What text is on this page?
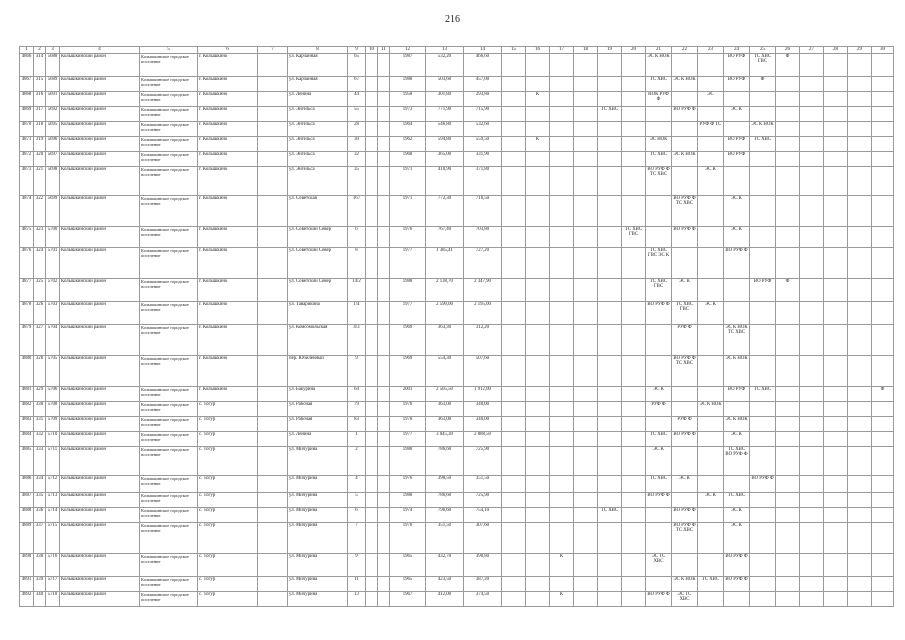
216
1	2	3	4	5	6	7	8	9	10	11	12	13	14	15	16	17	18	19	20	21	22	23	24	25	26	27	28	29	30
4866	314	5688	Колышкинский район	Колышкинское городское поселение	г. Колышкино		ул. Карчанная	65			1987	532,20	466,60							ЭС К НОК			ВО РУФ	ТС ХВС ГВС	Ф				
4867	315	5689	Колышкинский район	Колышкинское городское поселение	г. Колышкино		ул. Карчанная	67			1988	503,60	457,00							ТС ХВС	ЭС К НОК		ВО РУФ	Ф					
4868	316	5691	Колышкинский район	Колышкинское городское поселение	г. Колышкино		ул. Ленина	44			1958	301,80	293,80		К					НОК РУФ Ф		ЭС							
4869	317	5692	Колышкинский район	Колышкинское городское поселение	г. Колышкино		ул. Энгельса	55			1973	771,90	715,90					ТС ХВС			ВО РУФ Ф		ЭС К						
4870	318	5695	Колышкинский район	Колышкинское городское поселение	г. Колышкино		ул. Энгельса	28			1964	546,80	532,60									РУФ Ф ТС		ЭС К НОК					
4871	319	5696	Колышкинский район	Колышкинское городское поселение	г. Колышкино		ул. Энгельса	30			1962	594,80	559,50		К					ЭС НОК			ВО РУФ	ТС ХВС					
4872	320	5697	Колышкинский район	Колышкинское городское поселение	г. Колышкино		ул. Энгельса	32			1968	365,00	331,90							ТС ХВС	ЭС К НОК		ВО РУФ						
4873	321	5698	Колышкинский район	Колышкинское городское поселение	г. Колышкино		ул. Энгельса	35			1971	410,90	371,80							ВО РУФ Ф ТС ХВС		ЭС К							
4874	322	5699	Колышкинский район	Колышкинское городское поселение	г. Колышкино		ул. Советская	167			1971	772,30	716,50								ВО РУФ Ф ТС ХВС		ЭС К						
4875	323	5700	Колышкинский район	Колышкинское городское поселение	г. Колышкино		ул. Советский Север	6			1976	767,40	703,80						ТС ХВС ГВС		ВО РУФ Ф		ЭС К						
4876	324	5701	Колышкинский район	Колышкинское городское поселение	г. Колышкино		ул. Советский Север	8			1977	1 385,41	727,20							ТС ХВС ГВС ЭС К			ВО РУФ Ф						
4877	325	5702	Колышкинский район	Колышкинское городское поселение	г. Колышкино		ул. Советский Север	14/2			1988	2 138,70	2 347,90							ТС ХВС ГВС	ЭС К			ВО РУФ	Ф				
4878	326	5703	Колышкинский район	Колышкинское городское поселение	г. Колышкино		ул. Таварикина	1/4			1977	2 590,00	2 195,00							ВО РУФ Ф	ТС ХВС ГВС	ЭС К							
4879	327	5704	Колышкинский район	Колышкинское городское поселение	г. Колышкино		ул. Комсомольская	4/3			1969	363,30	312,20								РУФ Ф		ЭС К НОК ТС ХВС						
4880	328	5705	Колышкинский район	Колышкинское городское поселение	г. Колышкино		пер. Юбилейный	9			1969	554,30	507,60								ВО РУФ Ф ТС ХВС		ЭС К НОК						
4881	329	5706	Колышкинский район	Колышкинское городское поселение	г. Колышкино		ул. Бакурина	64			2001	2 505,50	1 912,00							ЭС К			ВО РУФ	ТС ХВС					Ф
4882	330	5708	Колышкинский район	Колышкинское городское поселение	с. Тогур		ул. Рабочая	79			1970	363,00	340,00							РУФ Ф		ЭС К НОК							
4883	331	5709	Колышкинский район	Колышкинское городское поселение	с. Тогур		ул. Рабочая	83			1970	363,00	340,00								РУФ Ф		ЭС К НОК						
4884	332	5710	Колышкинский район	Колышкинское городское поселение	с. Тогур		ул. Ленина	1			1977	3 045,30	2 888,50							ТС ХВС	ВО РУФ Ф		ЭС К						
4885	333	5711	Колышкинский район	Колышкинское городское поселение	с. Тогур		ул. Мичурина	2			1980	786,60	725,90							ЭС К			ТС ХВС ВО РУФ Ф						
4886	334	5712	Колышкинский район	Колышкинское городское поселение	с. Тогур		ул. Мичурина	4			1976	398,50	351,50							ТС ХВС	ЭС К			ВО РУФ Ф					
4887	335	5713	Колышкинский район	Колышкинское городское поселение	с. Тогур		ул. Мичурина	5			1980	786,60	725,90							ВО РУФ Ф		ЭС К	ТС ХВС						
4888	336	5714	Колышкинский район	Колышкинское городское поселение	с. Тогур		ул. Мичурина	6			1974	796,60	754,10					ТС ХВС			ВО РУФ Ф		ЭС К						
4889	337	5715	Колышкинский район	Колышкинское городское поселение	с. Тогур		ул. Мичурина	7			1970	351,50	307,60								ВО РУФ Ф ТС ХВС		ЭС К						
4890	338	5716	Колышкинский район	Колышкинское городское поселение	с. Тогур		ул. Мичурина	9			1965	432,70	390,80			К				ЭС ТС ХВС			ВО РУФ Ф						
4891	339	5717	Колышкинский район	Колышкинское городское поселение	с. Тогур		ул. Мичурина	11			1965	423,50	387,20								ЭС К НОК	ТС ХВС	ВО РУФ Ф						
4892	340	5718	Колышкинский район	Колышкинское городское поселение	с. Тогур		ул. Мичурина	13			1967	412,00	374,50			К				ВО РУФ Ф	ЭС ТС ХВС								
